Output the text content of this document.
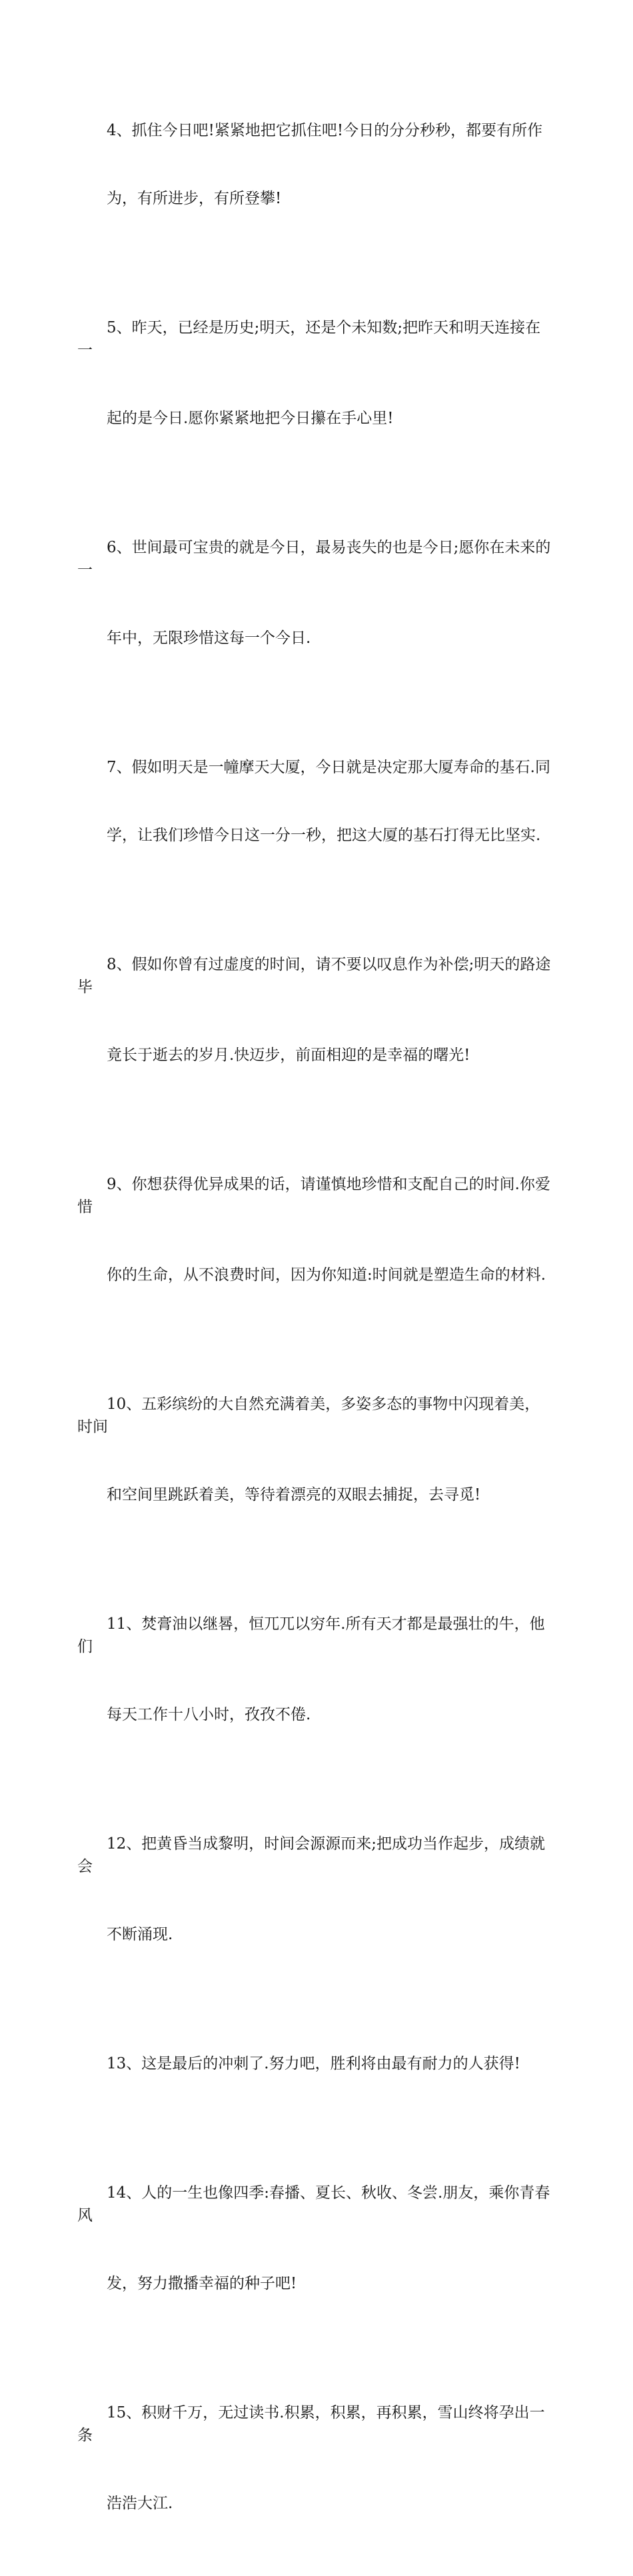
4、抓住今日吧!紧紧地把它抓住吧!今日的分分秒秒，都要有所作

为，有所进步，有所登攀!

5、昨天，已经是历史;明天，还是个未知数;把昨天和明天连接在一

起的是今日.愿你紧紧地把今日攥在手心里!

6、世间最可宝贵的就是今日，最易丧失的也是今日;愿你在未来的一

年中，无限珍惜这每一个今日.

7、假如明天是一幢摩天大厦，今日就是决定那大厦寿命的基石.同

学，让我们珍惜今日这一分一秒，把这大厦的基石打得无比坚实.

8、假如你曾有过虚度的时间，请不要以叹息作为补偿;明天的路途毕

竟长于逝去的岁月.快迈步，前面相迎的是幸福的曙光!

9、你想获得优异成果的话，请谨慎地珍惜和支配自己的时间.你爱惜

你的生命，从不浪费时间，因为你知道:时间就是塑造生命的材料.

10、五彩缤纷的大自然充满着美，多姿多态的事物中闪现着美，时间

和空间里跳跃着美，等待着漂亮的双眼去捕捉，去寻觅!

11、焚膏油以继晷，恒兀兀以穷年.所有天才都是最强壮的牛，他们

每天工作十八小时，孜孜不倦.

12、把黄昏当成黎明，时间会源源而来;把成功当作起步，成绩就会

不断涌现.

13、这是最后的冲刺了.努力吧，胜利将由最有耐力的人获得!

14、人的一生也像四季:春播、夏长、秋收、冬尝.朋友，乘你青春风

发，努力撒播幸福的种子吧!

15、积财千万，无过读书.积累，积累，再积累，雪山终将孕出一条

浩浩大江.
